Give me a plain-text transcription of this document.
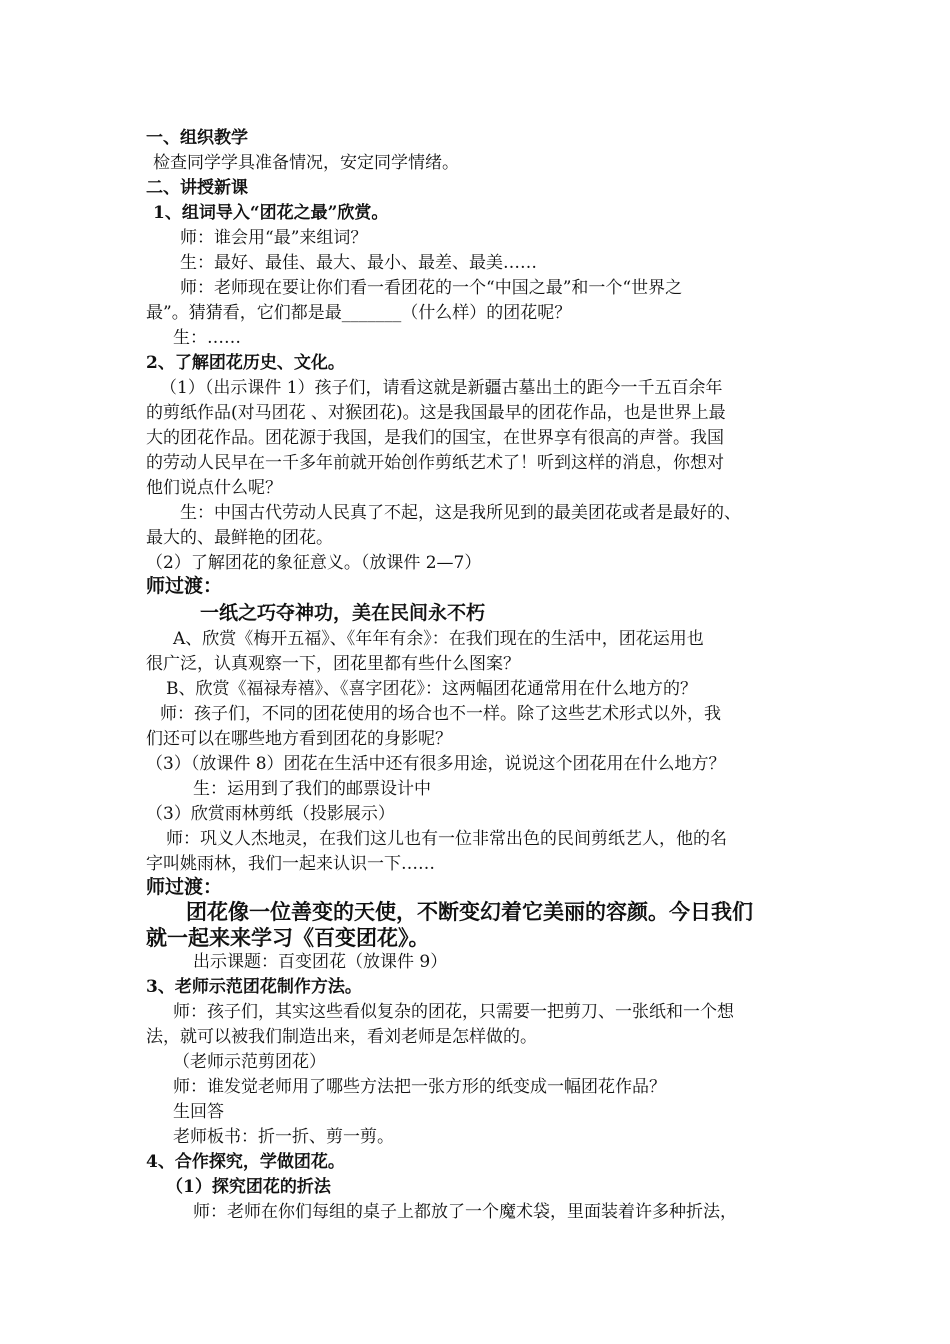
一、组织教学
检查同学学具准备情况，安定同学情绪。
二、讲授新课
1、组词导入“团花之最”欣赏。
师：谁会用“最”来组词？
生：最好、最佳、最大、最小、最差、最美……
师：老师现在要让你们看一看团花的一个“中国之最”和一个“世界之
最”。猜猜看，它们都是最_______（什么样）的团花呢？
生：……
2、了解团花历史、文化。
（1）（出示课件 1）孩子们，请看这就是新疆古墓出土的距今一千五百余年
的剪纸作品(对马团花 、对猴团花)。这是我国最早的团花作品，也是世界上最
大的团花作品。团花源于我国，是我们的国宝，在世界享有很高的声誉。我国
的劳动人民早在一千多年前就开始创作剪纸艺术了！听到这样的消息，你想对
他们说点什么呢？
生：中国古代劳动人民真了不起，这是我所见到的最美团花或者是最好的、
最大的、最鲜艳的团花。
（2）了解团花的象征意义。（放课件 2—7）
师过渡：
一纸之巧夺神功，美在民间永不朽
A、欣赏《梅开五福》、《年年有余》：在我们现在的生活中，团花运用也
很广泛，认真观察一下，团花里都有些什么图案？
B、欣赏《福禄寿禧》、《喜字团花》：这两幅团花通常用在什么地方的？
师：孩子们，不同的团花使用的场合也不一样。除了这些艺术形式以外，我
们还可以在哪些地方看到团花的身影呢？
（3）（放课件 8）团花在生活中还有很多用途，说说这个团花用在什么地方？
生：运用到了我们的邮票设计中
（3）欣赏雨林剪纸（投影展示）
师：巩义人杰地灵，在我们这儿也有一位非常出色的民间剪纸艺人，他的名
字叫姚雨林，我们一起来认识一下……
师过渡：
团花像一位善变的天使，不断变幻着它美丽的容颜。今日我们
就一起来来学习《百变团花》。
出示课题：百变团花（放课件 9）
3、老师示范团花制作方法。
师：孩子们，其实这些看似复杂的团花，只需要一把剪刀、一张纸和一个想
法，就可以被我们制造出来，看刘老师是怎样做的。
（老师示范剪团花）
师：谁发觉老师用了哪些方法把一张方形的纸变成一幅团花作品？
生回答
老师板书：折一折、剪一剪。
4、合作探究，学做团花。
（1）探究团花的折法
师：老师在你们每组的桌子上都放了一个魔术袋，里面装着许多种折法，
